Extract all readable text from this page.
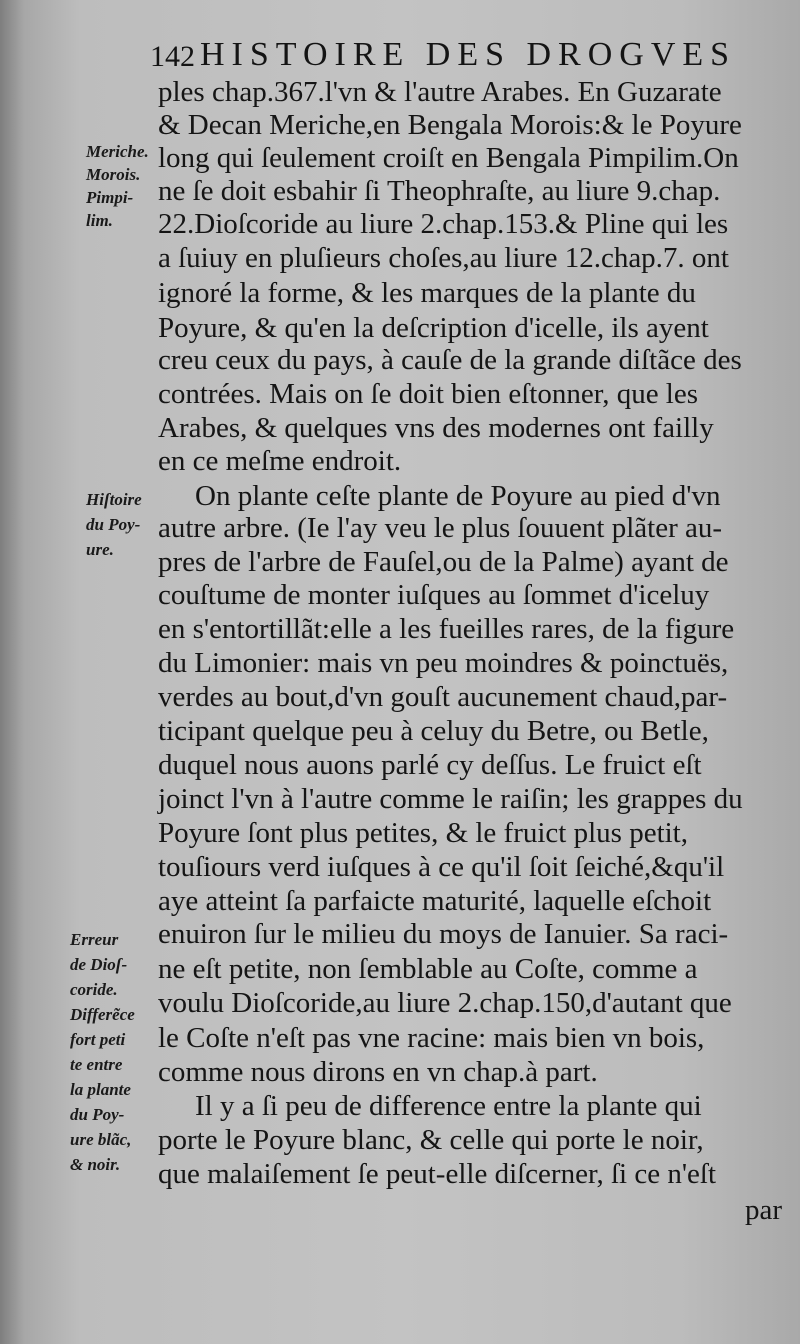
142 HISTOIRE DES DROGVES

ples chap.367.l'vn & l'autre Arabes. En Guzarate

& Decan Meriche,en Bengala Morois:& le Poyure

long qui ſeulement croiſt en Bengala Pimpilim.On

ne ſe doit esbahir ſi Theophraſte, au liure 9.chap.

22.Dioſcoride au liure 2.chap.153.& Pline qui les

a ſuiuy en pluſieurs choſes,au liure 12.chap.7. ont

ignoré la forme, & les marques de la plante du

Poyure, & qu'en la deſcription d'icelle, ils ayent

creu ceux du pays, à cauſe de la grande diſtãce des

contrées. Mais on ſe doit bien eſtonner, que les

Arabes, & quelques vns des modernes ont failly

en ce meſme endroit.

On plante ceſte plante de Poyure au pied d'vn

autre arbre. (Ie l'ay veu le plus ſouuent plãter au-

pres de l'arbre de Fauſel,ou de la Palme) ayant de

couſtume de monter iuſques au ſommet d'iceluy

en s'entortillãt:elle a les fueilles rares, de la figure

du Limonier: mais vn peu moindres & poinctuës,

verdes au bout,d'vn gouſt aucunement chaud,par-

ticipant quelque peu à celuy du Betre, ou Betle,

duquel nous auons parlé cy deſſus. Le fruict eſt

joinct l'vn à l'autre comme le raiſin; les grappes du

Poyure ſont plus petites, & le fruict plus petit,

touſiours verd iuſques à ce qu'il ſoit ſeiché,&qu'il

aye atteint ſa parfaicte maturité, laquelle eſchoit

enuiron ſur le milieu du moys de Ianuier. Sa raci-

ne eſt petite, non ſemblable au Coſte, comme a

voulu Dioſcoride,au liure 2.chap.150,d'autant que

le Coſte n'eſt pas vne racine: mais bien vn bois,

comme nous dirons en vn chap.à part.

Il y a ſi peu de difference entre la plante qui

porte le Poyure blanc, & celle qui porte le noir,

que malaiſement ſe peut-elle diſcerner, ſi ce n'eſt

par

Meriche.

Morois.

Pimpi-

lim.

Hiſtoire

du Poy-

ure.

Erreur

de Dioſ-

coride.

Differẽce

fort peti

te entre

la plante

du Poy-

ure blãc,

& noir.
